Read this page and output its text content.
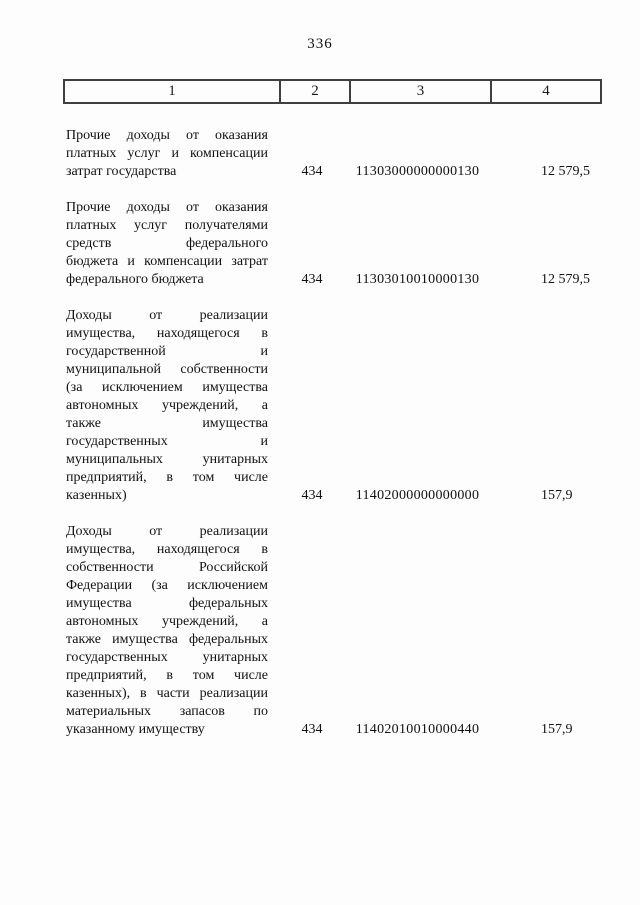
336
1	2	3	4
Прочие доходы от оказания
платных услуг и компенсации
затрат государства	434	11303000000000130	12 579,5
Прочие доходы от оказания
платных услуг получателями
средств федерального
бюджета и компенсации затрат
федерального бюджета	434	11303010010000130	12 579,5
Доходы от реализации
имущества, находящегося в
государственной и
муниципальной собственности
(за исключением имущества
автономных учреждений, а
также имущества
государственных и
муниципальных унитарных
предприятий, в том числе
казенных)	434	11402000000000000	157,9
Доходы от реализации
имущества, находящегося в
собственности Российской
Федерации (за исключением
имущества федеральных
автономных учреждений, а
также имущества федеральных
государственных унитарных
предприятий, в том числе
казенных), в части реализации
материальных запасов по
указанному имуществу	434	11402010010000440	157,9
